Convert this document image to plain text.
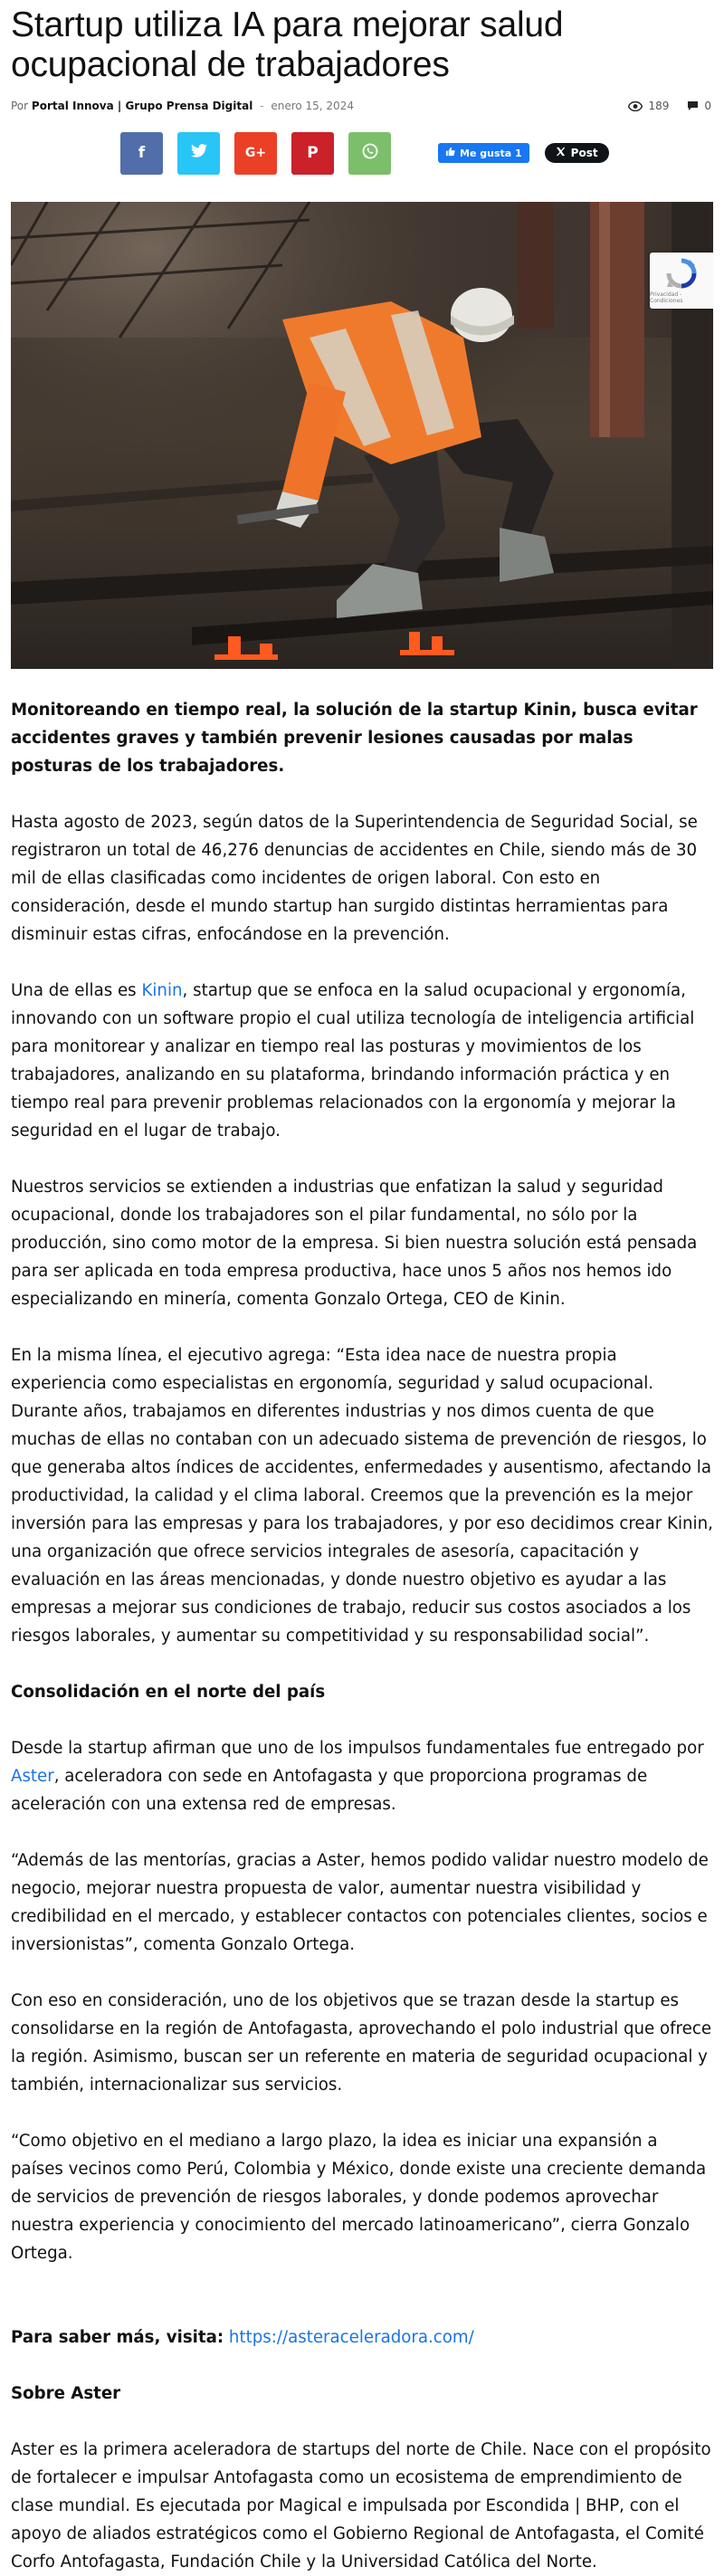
Startup utiliza IA para mejorar salud ocupacional de trabajadores
Por Portal Innova | Grupo Prensa Digital - enero 15, 2024	189	0
f	G+	P	Me gusta 1	Post
Privacidad - Condiciones

Monitoreando en tiempo real, la solución de la startup Kinin, busca evitar accidentes graves y también prevenir lesiones causadas por malas posturas de los trabajadores.

Hasta agosto de 2023, según datos de la Superintendencia de Seguridad Social, se registraron un total de 46,276 denuncias de accidentes en Chile, siendo más de 30 mil de ellas clasificadas como incidentes de origen laboral. Con esto en consideración, desde el mundo startup han surgido distintas herramientas para disminuir estas cifras, enfocándose en la prevención.

Una de ellas es Kinin, startup que se enfoca en la salud ocupacional y ergonomía, innovando con un software propio el cual utiliza tecnología de inteligencia artificial para monitorear y analizar en tiempo real las posturas y movimientos de los trabajadores, analizando en su plataforma, brindando información práctica y en tiempo real para prevenir problemas relacionados con la ergonomía y mejorar la seguridad en el lugar de trabajo.

Nuestros servicios se extienden a industrias que enfatizan la salud y seguridad ocupacional, donde los trabajadores son el pilar fundamental, no sólo por la producción, sino como motor de la empresa. Si bien nuestra solución está pensada para ser aplicada en toda empresa productiva, hace unos 5 años nos hemos ido especializando en minería, comenta Gonzalo Ortega, CEO de Kinin.

En la misma línea, el ejecutivo agrega: “Esta idea nace de nuestra propia experiencia como especialistas en ergonomía, seguridad y salud ocupacional. Durante años, trabajamos en diferentes industrias y nos dimos cuenta de que muchas de ellas no contaban con un adecuado sistema de prevención de riesgos, lo que generaba altos índices de accidentes, enfermedades y ausentismo, afectando la productividad, la calidad y el clima laboral. Creemos que la prevención es la mejor inversión para las empresas y para los trabajadores, y por eso decidimos crear Kinin, una organización que ofrece servicios integrales de asesoría, capacitación y evaluación en las áreas mencionadas, y donde nuestro objetivo es ayudar a las empresas a mejorar sus condiciones de trabajo, reducir sus costos asociados a los riesgos laborales, y aumentar su competitividad y su responsabilidad social”.

Consolidación en el norte del país

Desde la startup afirman que uno de los impulsos fundamentales fue entregado por Aster, aceleradora con sede en Antofagasta y que proporciona programas de aceleración con una extensa red de empresas.

“Además de las mentorías, gracias a Aster, hemos podido validar nuestro modelo de negocio, mejorar nuestra propuesta de valor, aumentar nuestra visibilidad y credibilidad en el mercado, y establecer contactos con potenciales clientes, socios e inversionistas”, comenta Gonzalo Ortega.

Con eso en consideración, uno de los objetivos que se trazan desde la startup es consolidarse en la región de Antofagasta, aprovechando el polo industrial que ofrece la región. Asimismo, buscan ser un referente en materia de seguridad ocupacional y también, internacionalizar sus servicios.

“Como objetivo en el mediano a largo plazo, la idea es iniciar una expansión a países vecinos como Perú, Colombia y México, donde existe una creciente demanda de servicios de prevención de riesgos laborales, y donde podemos aprovechar nuestra experiencia y conocimiento del mercado latinoamericano”, cierra Gonzalo Ortega.

Para saber más, visita: https://asteraceleradora.com/

Sobre Aster

Aster es la primera aceleradora de startups del norte de Chile. Nace con el propósito de fortalecer e impulsar Antofagasta como un ecosistema de emprendimiento de clase mundial. Es ejecutada por Magical e impulsada por Escondida | BHP, con el apoyo de aliados estratégicos como el Gobierno Regional de Antofagasta, el Comité Corfo Antofagasta, Fundación Chile y la Universidad Católica del Norte.
